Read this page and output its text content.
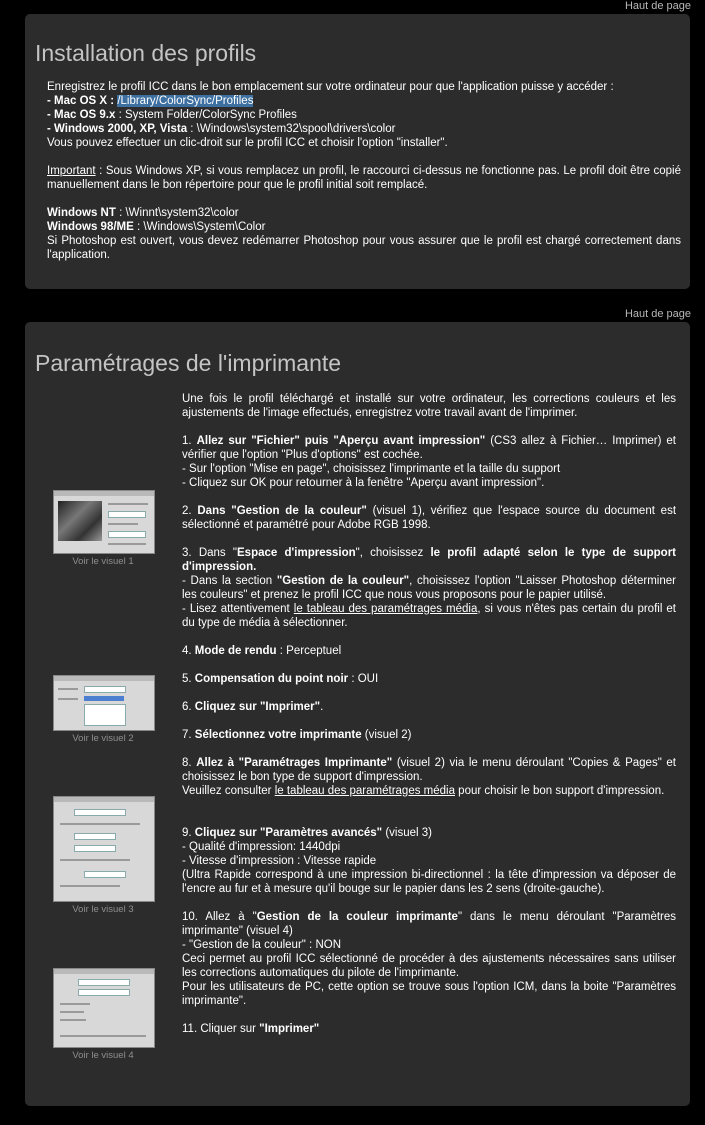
Haut de page
Installation des profils

Enregistrez le profil ICC dans le bon emplacement sur votre ordinateur pour que l'application puisse y accéder :

- Mac OS X : /Library/ColorSync/Profiles

- Mac OS 9.x : System Folder/ColorSync Profiles

- Windows 2000, XP, Vista : \Windows\system32\spool\drivers\color

Vous pouvez effectuer un clic-droit sur le profil ICC et choisir l'option "installer".

Important : Sous Windows XP, si vous remplacez un profil, le raccourci ci-dessus ne fonctionne pas. Le profil doit être copié manuellement dans le bon répertoire pour que le profil initial soit remplacé.

Windows NT : \Winnt\system32\color

Windows 98/ME : \Windows\System\Color

Si Photoshop est ouvert, vous devez redémarrer Photoshop pour vous assurer que le profil est chargé correctement dans l'application.

Haut de page
Paramétrages de l'imprimante
Voir le visuel 1
Voir le visuel 2
Voir le visuel 3
Voir le visuel 4

Une fois le profil téléchargé et installé sur votre ordinateur, les corrections couleurs et les ajustements de l'image effectués, enregistrez votre travail avant de l'imprimer.

1. Allez sur "Fichier" puis "Aperçu avant impression" (CS3 allez à Fichier… Imprimer) et vérifier que l'option "Plus d'options" est cochée.

- Sur l'option "Mise en page", choisissez l'imprimante et la taille du support

- Cliquez sur OK pour retourner à la fenêtre "Aperçu avant impression".

2. Dans "Gestion de la couleur" (visuel 1), vérifiez que l'espace source du document est sélectionné et paramétré pour Adobe RGB 1998.

3. Dans "Espace d'impression", choisissez le profil adapté selon le type de support d'impression.

- Dans la section "Gestion de la couleur", choisissez l'option "Laisser Photoshop déterminer les couleurs" et prenez le profil ICC que nous vous proposons pour le papier utilisé.

- Lisez attentivement le tableau des paramétrages média, si vous n'êtes pas certain du profil et du type de média à sélectionner.

4. Mode de rendu : Perceptuel

5. Compensation du point noir : OUI

6. Cliquez sur "Imprimer".

7. Sélectionnez votre imprimante (visuel 2)

8. Allez à "Paramétrages Imprimante" (visuel 2) via le menu déroulant "Copies & Pages" et choisissez le bon type de support d'impression.

Veuillez consulter le tableau des paramétrages média pour choisir le bon support d'impression.

9. Cliquez sur "Paramètres avancés" (visuel 3)

- Qualité d'impression: 1440dpi

- Vitesse d'impression : Vitesse rapide

(Ultra Rapide correspond à une impression bi-directionnel : la tête d'impression va déposer de l'encre au fur et à mesure qu'il bouge sur le papier dans les 2 sens (droite-gauche).

10. Allez à "Gestion de la couleur imprimante" dans le menu déroulant "Paramètres imprimante" (visuel 4)

- "Gestion de la couleur" : NON

Ceci permet au profil ICC sélectionné de procéder à des ajustements nécessaires sans utiliser les corrections automatiques du pilote de l'imprimante.

Pour les utilisateurs de PC, cette option se trouve sous l'option ICM, dans la boite "Paramètres imprimante".

11. Cliquer sur "Imprimer"
